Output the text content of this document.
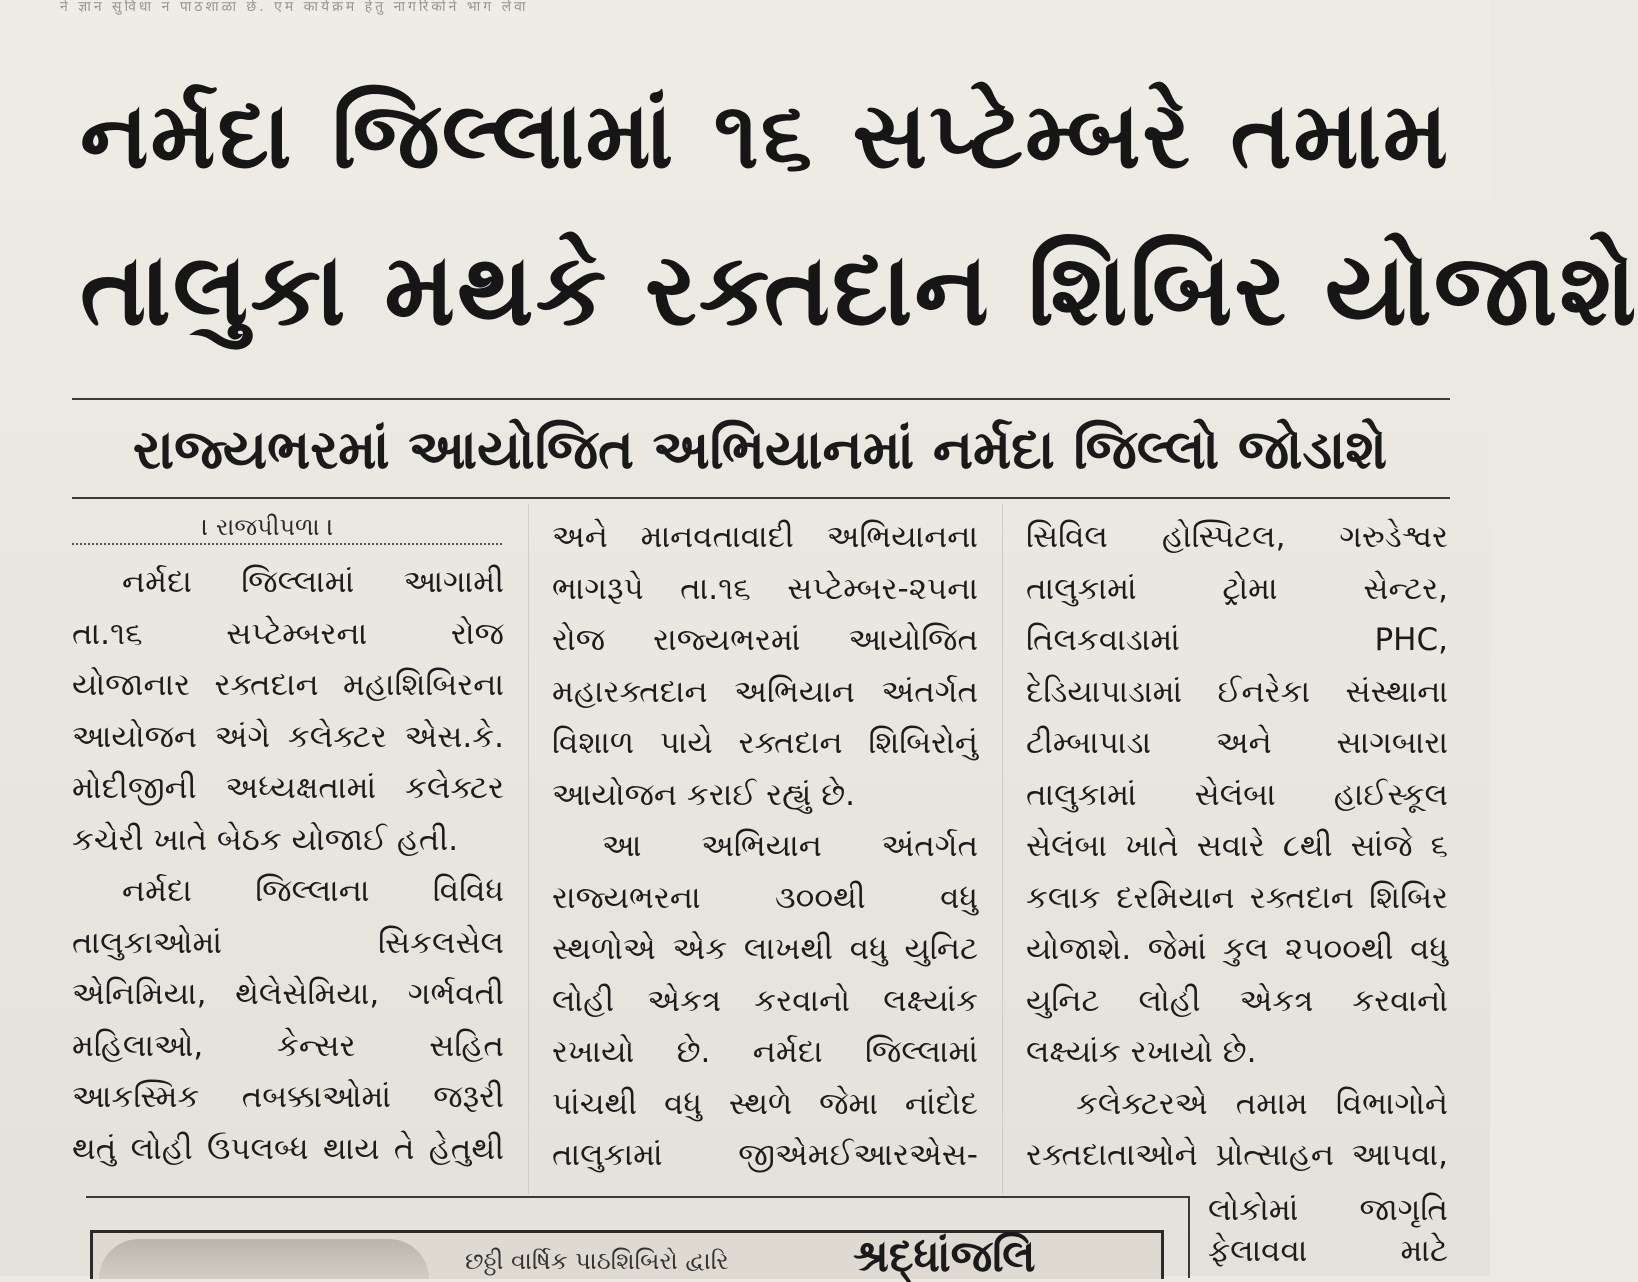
ने ज्ञान सुविधा न पाठशाळा छे. एम कार्यक्रम हेतु नागरिकोने भाग लेवा
નર્મદા જિલ્લામાં ૧૬ સપ્ટેમ્બરે તમામ
તાલુકા મથકે રક્તદાન શિબિર યોજાશે
રાજ્યભરમાં આયોજિત અભિયાનમાં નર્મદા જિલ્લો જોડાશે
। રાજપીપળા ।
નર્મદા જિલ્લામાં આગામી
તા.૧૬ સપ્ટેમ્બરના રોજ
યોજાનાર રક્તદાન મહાશિબિરના
આયોજન અંગે કલેક્ટર એસ.કે.
મોદીજીની અધ્યક્ષતામાં કલેક્ટર
કચેરી ખાતે બેઠક યોજાઈ હતી.
નર્મદા જિલ્લાના વિવિધ
તાલુકાઓમાં સિકલસેલ
એનિમિયા, થેલેસેમિયા, ગર્ભવતી
મહિલાઓ, કેન્સર સહિત
આકસ્મિક તબક્કાઓમાં જરૂરી
થતું લોહી ઉપલબ્ધ થાય તે હેતુથી
અને માનવતાવાદી અભિયાનના
ભાગરૂપે તા.૧૬ સપ્ટેમ્બર-૨૫ના
રોજ રાજ્યભરમાં આયોજિત
મહારક્તદાન અભિયાન અંતર્ગત
વિશાળ પાયે રક્તદાન શિબિરોનું
આયોજન કરાઈ રહ્યું છે.
આ અભિયાન અંતર્ગત
રાજ્યભરના ૩૦૦થી વધુ
સ્થળોએ એક લાખથી વધુ યુનિટ
લોહી એકત્ર કરવાનો લક્ષ્યાંક
રખાયો છે. નર્મદા જિલ્લામાં
પાંચથી વધુ સ્થળે જેમા નાંદોદ
તાલુકામાં જીએમઈઆરએસ-
સિવિલ હોસ્પિટલ, ગરુડેશ્વર
તાલુકામાં ટ્રોમા સેન્ટર,
તિલકવાડામાં PHC,
દેડિયાપાડામાં ઈનરેકા સંસ્થાના
ટીમ્બાપાડા અને સાગબારા
તાલુકામાં સેલંબા હાઈસ્કૂલ
સેલંબા ખાતે સવારે ૮થી સાંજે ૬
કલાક દરમિયાન રક્તદાન શિબિર
યોજાશે. જેમાં કુલ ૨૫૦૦થી વધુ
યુનિટ લોહી એકત્ર કરવાનો
લક્ષ્યાંક રખાયો છે.
કલેક્ટરએ તમામ વિભાગોને
રક્તદાતાઓને પ્રોત્સાહન આપવા,
લોકોમાં જાગૃતિ
ફેલાવવા માટે
છઠ્ઠી વાર્ષિક પાઠશિબિરો દ્વારિ	શ્રદ્ધાંજલિ
